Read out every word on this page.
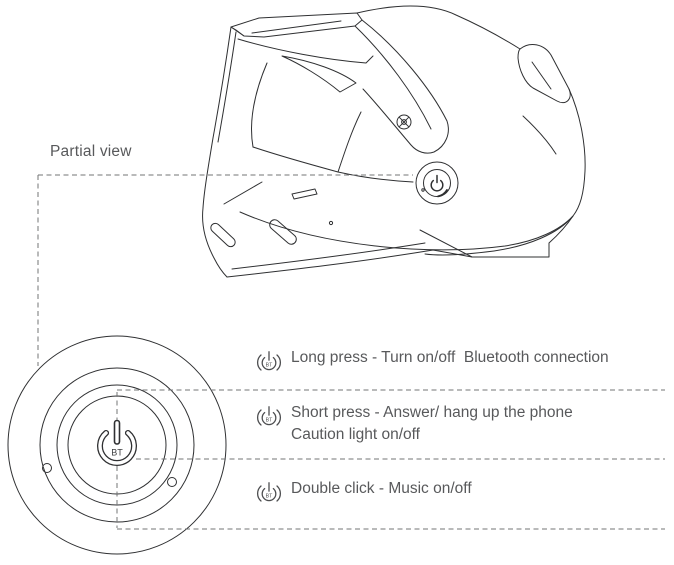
BT
BT
Partial view
Long press - Turn on/off  Bluetooth connection
Short press - Answer/ hang up the phone
Caution light on/off
Double click - Music on/off
